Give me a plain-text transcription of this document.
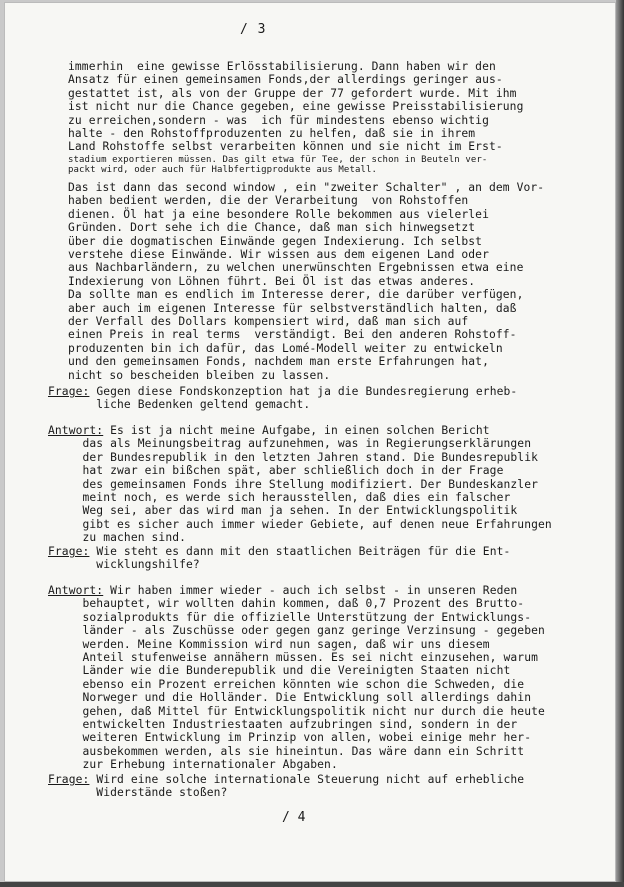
/ 3
immerhin  eine gewisse Erlösstabilisierung. Dann haben wir den
Ansatz für einen gemeinsamen Fonds,der allerdings geringer aus-
gestattet ist, als von der Gruppe der 77 gefordert wurde. Mit ihm
ist nicht nur die Chance gegeben, eine gewisse Preisstabilisierung
zu erreichen,sondern - was  ich für mindestens ebenso wichtig
halte - den Rohstoffproduzenten zu helfen, daß sie in ihrem
Land Rohstoffe selbst verarbeiten können und sie nicht im Erst-
stadium exportieren müssen. Das gilt etwa für Tee, der schon in Beuteln ver-
packt wird, oder auch für Halbfertigprodukte aus Metall.
Das ist dann das second window , ein "zweiter Schalter" , an dem Vor-
haben bedient werden, die der Verarbeitung  von Rohstoffen
dienen. Öl hat ja eine besondere Rolle bekommen aus vielerlei
Gründen. Dort sehe ich die Chance, daß man sich hinwegsetzt
über die dogmatischen Einwände gegen Indexierung. Ich selbst
verstehe diese Einwände. Wir wissen aus dem eigenen Land oder
aus Nachbarländern, zu welchen unerwünschten Ergebnissen etwa eine
Indexierung von Löhnen führt. Bei Öl ist das etwas anderes.
Da sollte man es endlich im Interesse derer, die darüber verfügen,
aber auch im eigenen Interesse für selbstverständlich halten, daß
der Verfall des Dollars kompensiert wird, daß man sich auf
einen Preis in real terms  verständigt. Bei den anderen Rohstoff-
produzenten bin ich dafür, das Lomé-Modell weiter zu entwickeln
und den gemeinsamen Fonds, nachdem man erste Erfahrungen hat,
nicht so bescheiden bleiben zu lassen.
Frage: Gegen diese Fondskonzeption hat ja die Bundesregierung erheb-
liche Bedenken geltend gemacht.
Antwort: Es ist ja nicht meine Aufgabe, in einen solchen Bericht
das als Meinungsbeitrag aufzunehmen, was in Regierungserklärungen
der Bundesrepublik in den letzten Jahren stand. Die Bundesrepublik
hat zwar ein bißchen spät, aber schließlich doch in der Frage
des gemeinsamen Fonds ihre Stellung modifiziert. Der Bundeskanzler
meint noch, es werde sich herausstellen, daß dies ein falscher
Weg sei, aber das wird man ja sehen. In der Entwicklungspolitik
gibt es sicher auch immer wieder Gebiete, auf denen neue Erfahrungen
zu machen sind.
Frage: Wie steht es dann mit den staatlichen Beiträgen für die Ent-
wicklungshilfe?
Antwort: Wir haben immer wieder - auch ich selbst - in unseren Reden
behauptet, wir wollten dahin kommen, daß 0,7 Prozent des Brutto-
sozialprodukts für die offizielle Unterstützung der Entwicklungs-
länder - als Zuschüsse oder gegen ganz geringe Verzinsung - gegeben
werden. Meine Kommission wird nun sagen, daß wir uns diesem
Anteil stufenweise annähern müssen. Es sei nicht einzusehen, warum
Länder wie die Bunderepublik und die Vereinigten Staaten nicht
ebenso ein Prozent erreichen könnten wie schon die Schweden, die
Norweger und die Holländer. Die Entwicklung soll allerdings dahin
gehen, daß Mittel für Entwicklungspolitik nicht nur durch die heute
entwickelten Industriestaaten aufzubringen sind, sondern in der
weiteren Entwicklung im Prinzip von allen, wobei einige mehr her-
ausbekommen werden, als sie hineintun. Das wäre dann ein Schritt
zur Erhebung internationaler Abgaben.
Frage: Wird eine solche internationale Steuerung nicht auf erhebliche
Widerstände stoßen?
/ 4
